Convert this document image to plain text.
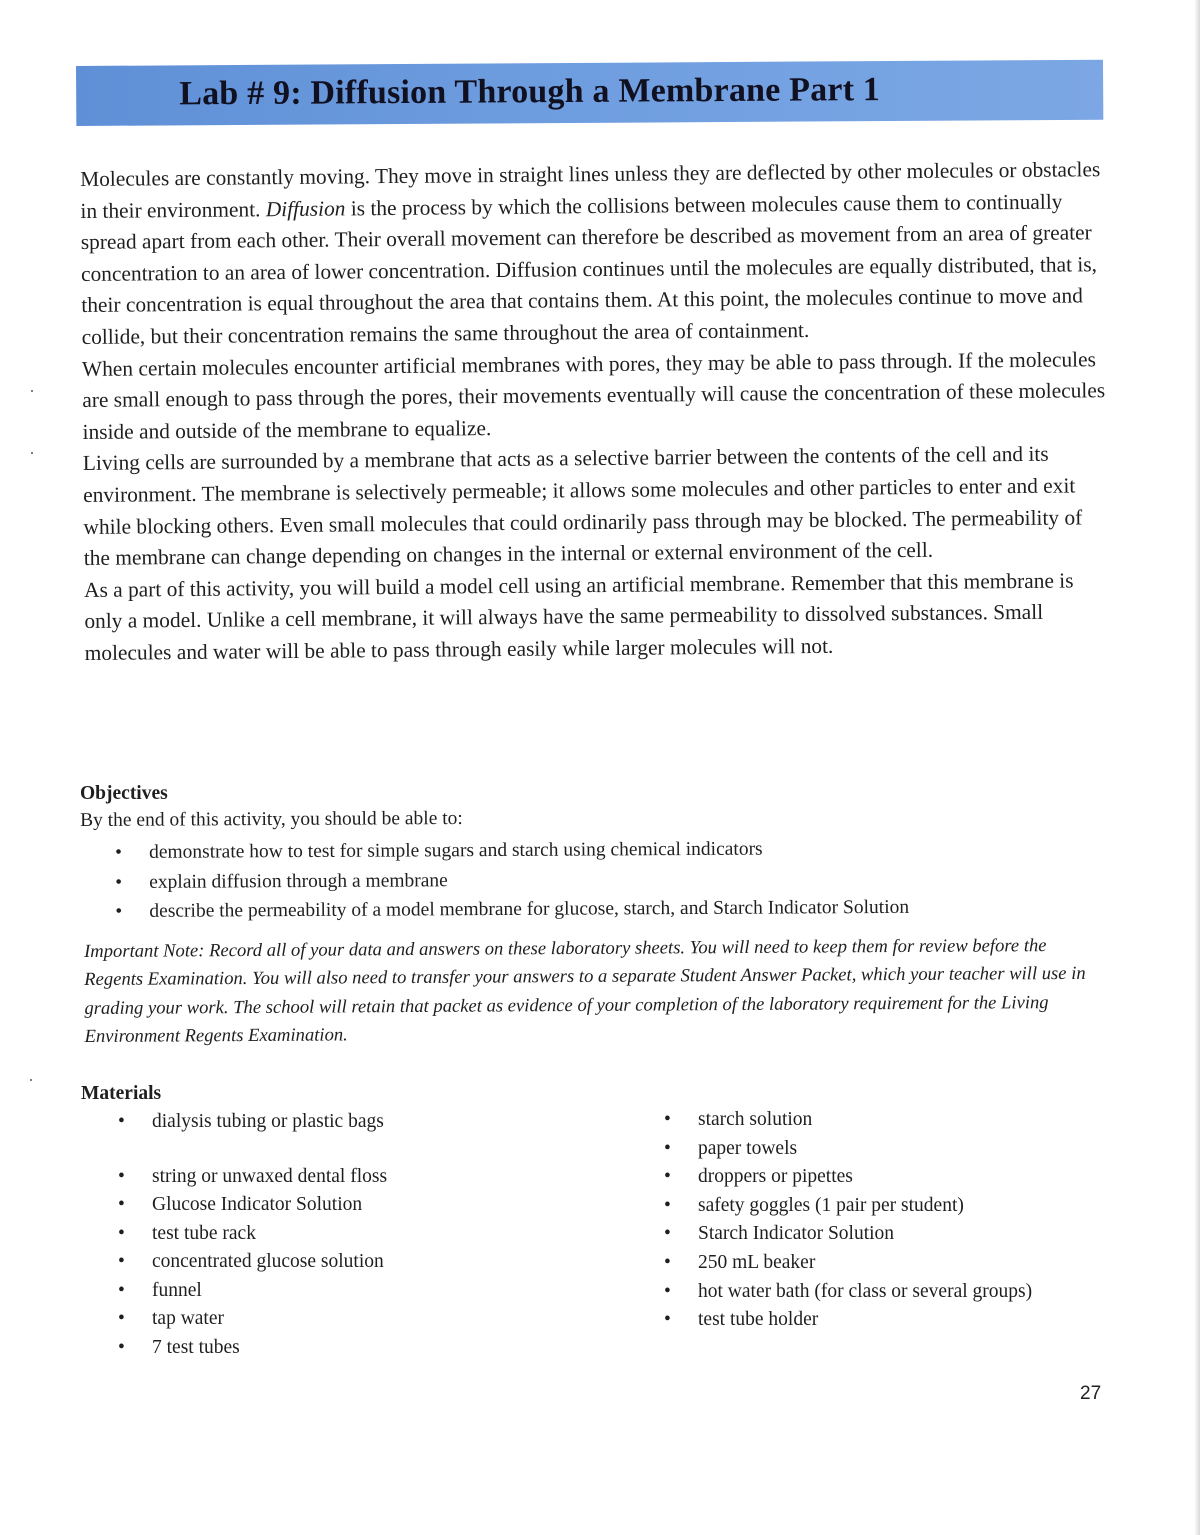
Lab # 9: Diffusion Through a Membrane Part 1

Molecules are constantly moving. They move in straight lines unless they are deflected by other molecules or obstacles in their environment. Diffusion is the process by which the collisions between molecules cause them to continually spread apart from each other. Their overall movement can therefore be described as movement from an area of greater concentration to an area of lower concentration. Diffusion continues until the molecules are equally distributed, that is, their concentration is equal throughout the area that contains them. At this point, the molecules continue to move and collide, but their concentration remains the same throughout the area of containment.

When certain molecules encounter artificial membranes with pores, they may be able to pass through. If the molecules are small enough to pass through the pores, their movements eventually will cause the concentration of these molecules inside and outside of the membrane to equalize.

Living cells are surrounded by a membrane that acts as a selective barrier between the contents of the cell and its environment. The membrane is selectively permeable; it allows some molecules and other particles to enter and exit while blocking others. Even small molecules that could ordinarily pass through may be blocked. The permeability of the membrane can change depending on changes in the internal or external environment of the cell.

As a part of this activity, you will build a model cell using an artificial membrane. Remember that this membrane is only a model. Unlike a cell membrane, it will always have the same permeability to dissolved substances. Small molecules and water will be able to pass through easily while larger molecules will not.

Objectives
By the end of this activity, you should be able to:
• demonstrate how to test for simple sugars and starch using chemical indicators
• explain diffusion through a membrane
• describe the permeability of a model membrane for glucose, starch, and Starch Indicator Solution
Important Note: Record all of your data and answers on these laboratory sheets. You will need to keep them for review before the Regents Examination. You will also need to transfer your answers to a separate Student Answer Packet, which your teacher will use in grading your work. The school will retain that packet as evidence of your completion of the laboratory requirement for the Living Environment Regents Examination.
Materials
• dialysis tubing or plastic bags
• string or unwaxed dental floss
• Glucose Indicator Solution
• test tube rack
• concentrated glucose solution
• funnel
• tap water
• 7 test tubes
• starch solution
• paper towels
• droppers or pipettes
• safety goggles (1 pair per student)
• Starch Indicator Solution
• 250 mL beaker
• hot water bath (for class or several groups)
• test tube holder
27
